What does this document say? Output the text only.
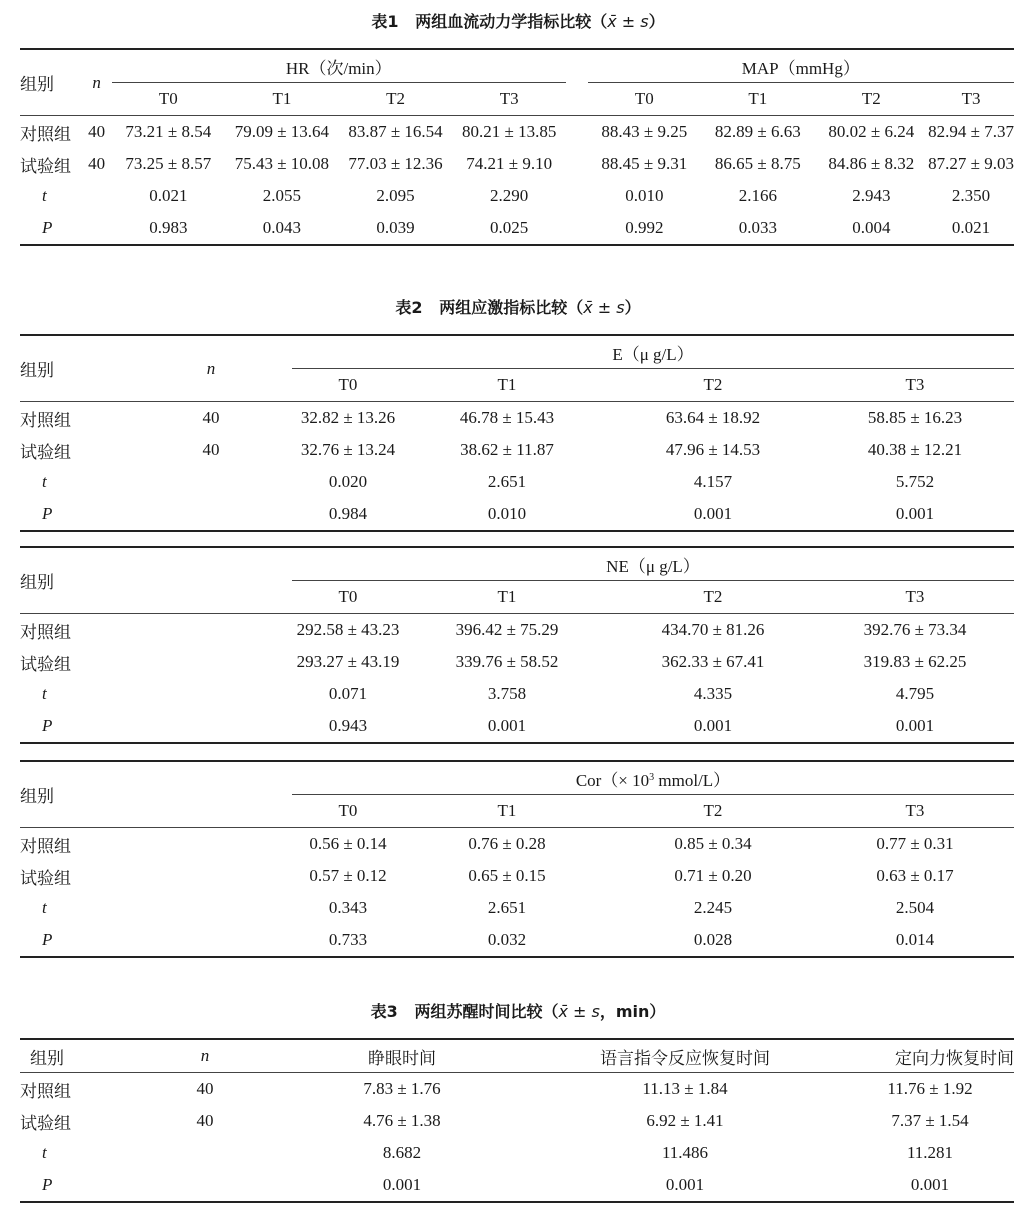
表1 两组血流动力学指标比较（x̄ ± s）
组别	n	HR（次/min）					MAP（mmHg）			
		T0	T1	T2	T3		T0	T1	T2	T3
对照组	40	73.21 ± 8.54	79.09 ± 13.64	83.87 ± 16.54	80.21 ± 13.85		88.43 ± 9.25	82.89 ± 6.63	80.02 ± 6.24	82.94 ± 7.37
试验组	40	73.25 ± 8.57	75.43 ± 10.08	77.03 ± 12.36	74.21 ± 9.10		88.45 ± 9.31	86.65 ± 8.75	84.86 ± 8.32	87.27 ± 9.03
t		0.021	2.055	2.095	2.290		0.010	2.166	2.943	2.350
P		0.983	0.043	0.039	0.025		0.992	0.033	0.004	0.021
表2 两组应激指标比较（x̄ ± s）
组别	n	E（μ g/L）			
		T0	T1	T2	T3
对照组	40	32.82 ± 13.26	46.78 ± 15.43	63.64 ± 18.92	58.85 ± 16.23
试验组	40	32.76 ± 13.24	38.62 ± 11.87	47.96 ± 14.53	40.38 ± 12.21
t		0.020	2.651	4.157	5.752
P		0.984	0.010	0.001	0.001
组别	NE（μ g/L）			
	T0	T1	T2	T3
对照组	292.58 ± 43.23	396.42 ± 75.29	434.70 ± 81.26	392.76 ± 73.34
试验组	293.27 ± 43.19	339.76 ± 58.52	362.33 ± 67.41	319.83 ± 62.25
t	0.071	3.758	4.335	4.795
P	0.943	0.001	0.001	0.001
组别	$Cor(\times 10^3$ mmol/L）			
	T0	T1	T2	T3
对照组	0.56 ± 0.14	0.76 ± 0.28	0.85 ± 0.34	0.77 ± 0.31
试验组	0.57 ± 0.12	0.65 ± 0.15	0.71 ± 0.20	0.63 ± 0.17
t	0.343	2.651	2.245	2.504
P	0.733	0.032	0.028	0.014
表3 两组苏醒时间比较（x̄ ± s，min）
组别	n	睁眼时间	语言指令反应恢复时间	定向力恢复时间
对照组	40	7.83 ± 1.76	11.13 ± 1.84	11.76 ± 1.92
试验组	40	4.76 ± 1.38	6.92 ± 1.41	7.37 ± 1.54
t		8.682	11.486	11.281
P		0.001	0.001	0.001
